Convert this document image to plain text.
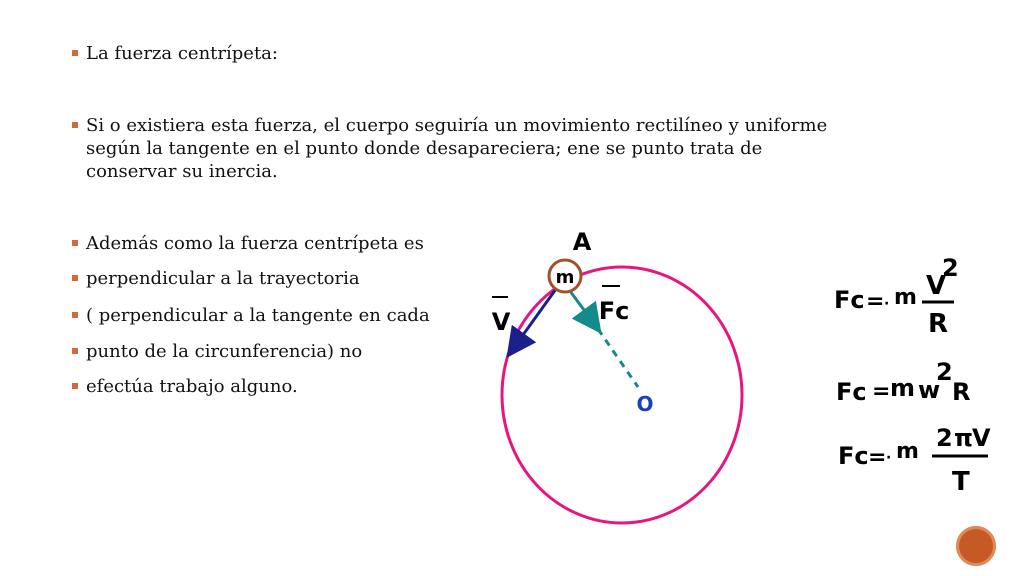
La fuerza centrípeta:
Si o existiera esta fuerza, el cuerpo seguiría un movimiento rectilíneo y uniforme
según la tangente en el punto donde desapareciera; ene se punto trata de
conservar su inercia.
Además como la fuerza centrípeta es
perpendicular a la trayectoria
( perpendicular a la tangente en cada
punto de la circunferencia) no
efectúa trabajo alguno.
m
A
V	Fc
O
Fc = · m V
2
R
Fc = m w
2
R
Fc = · m 2 π V
T
